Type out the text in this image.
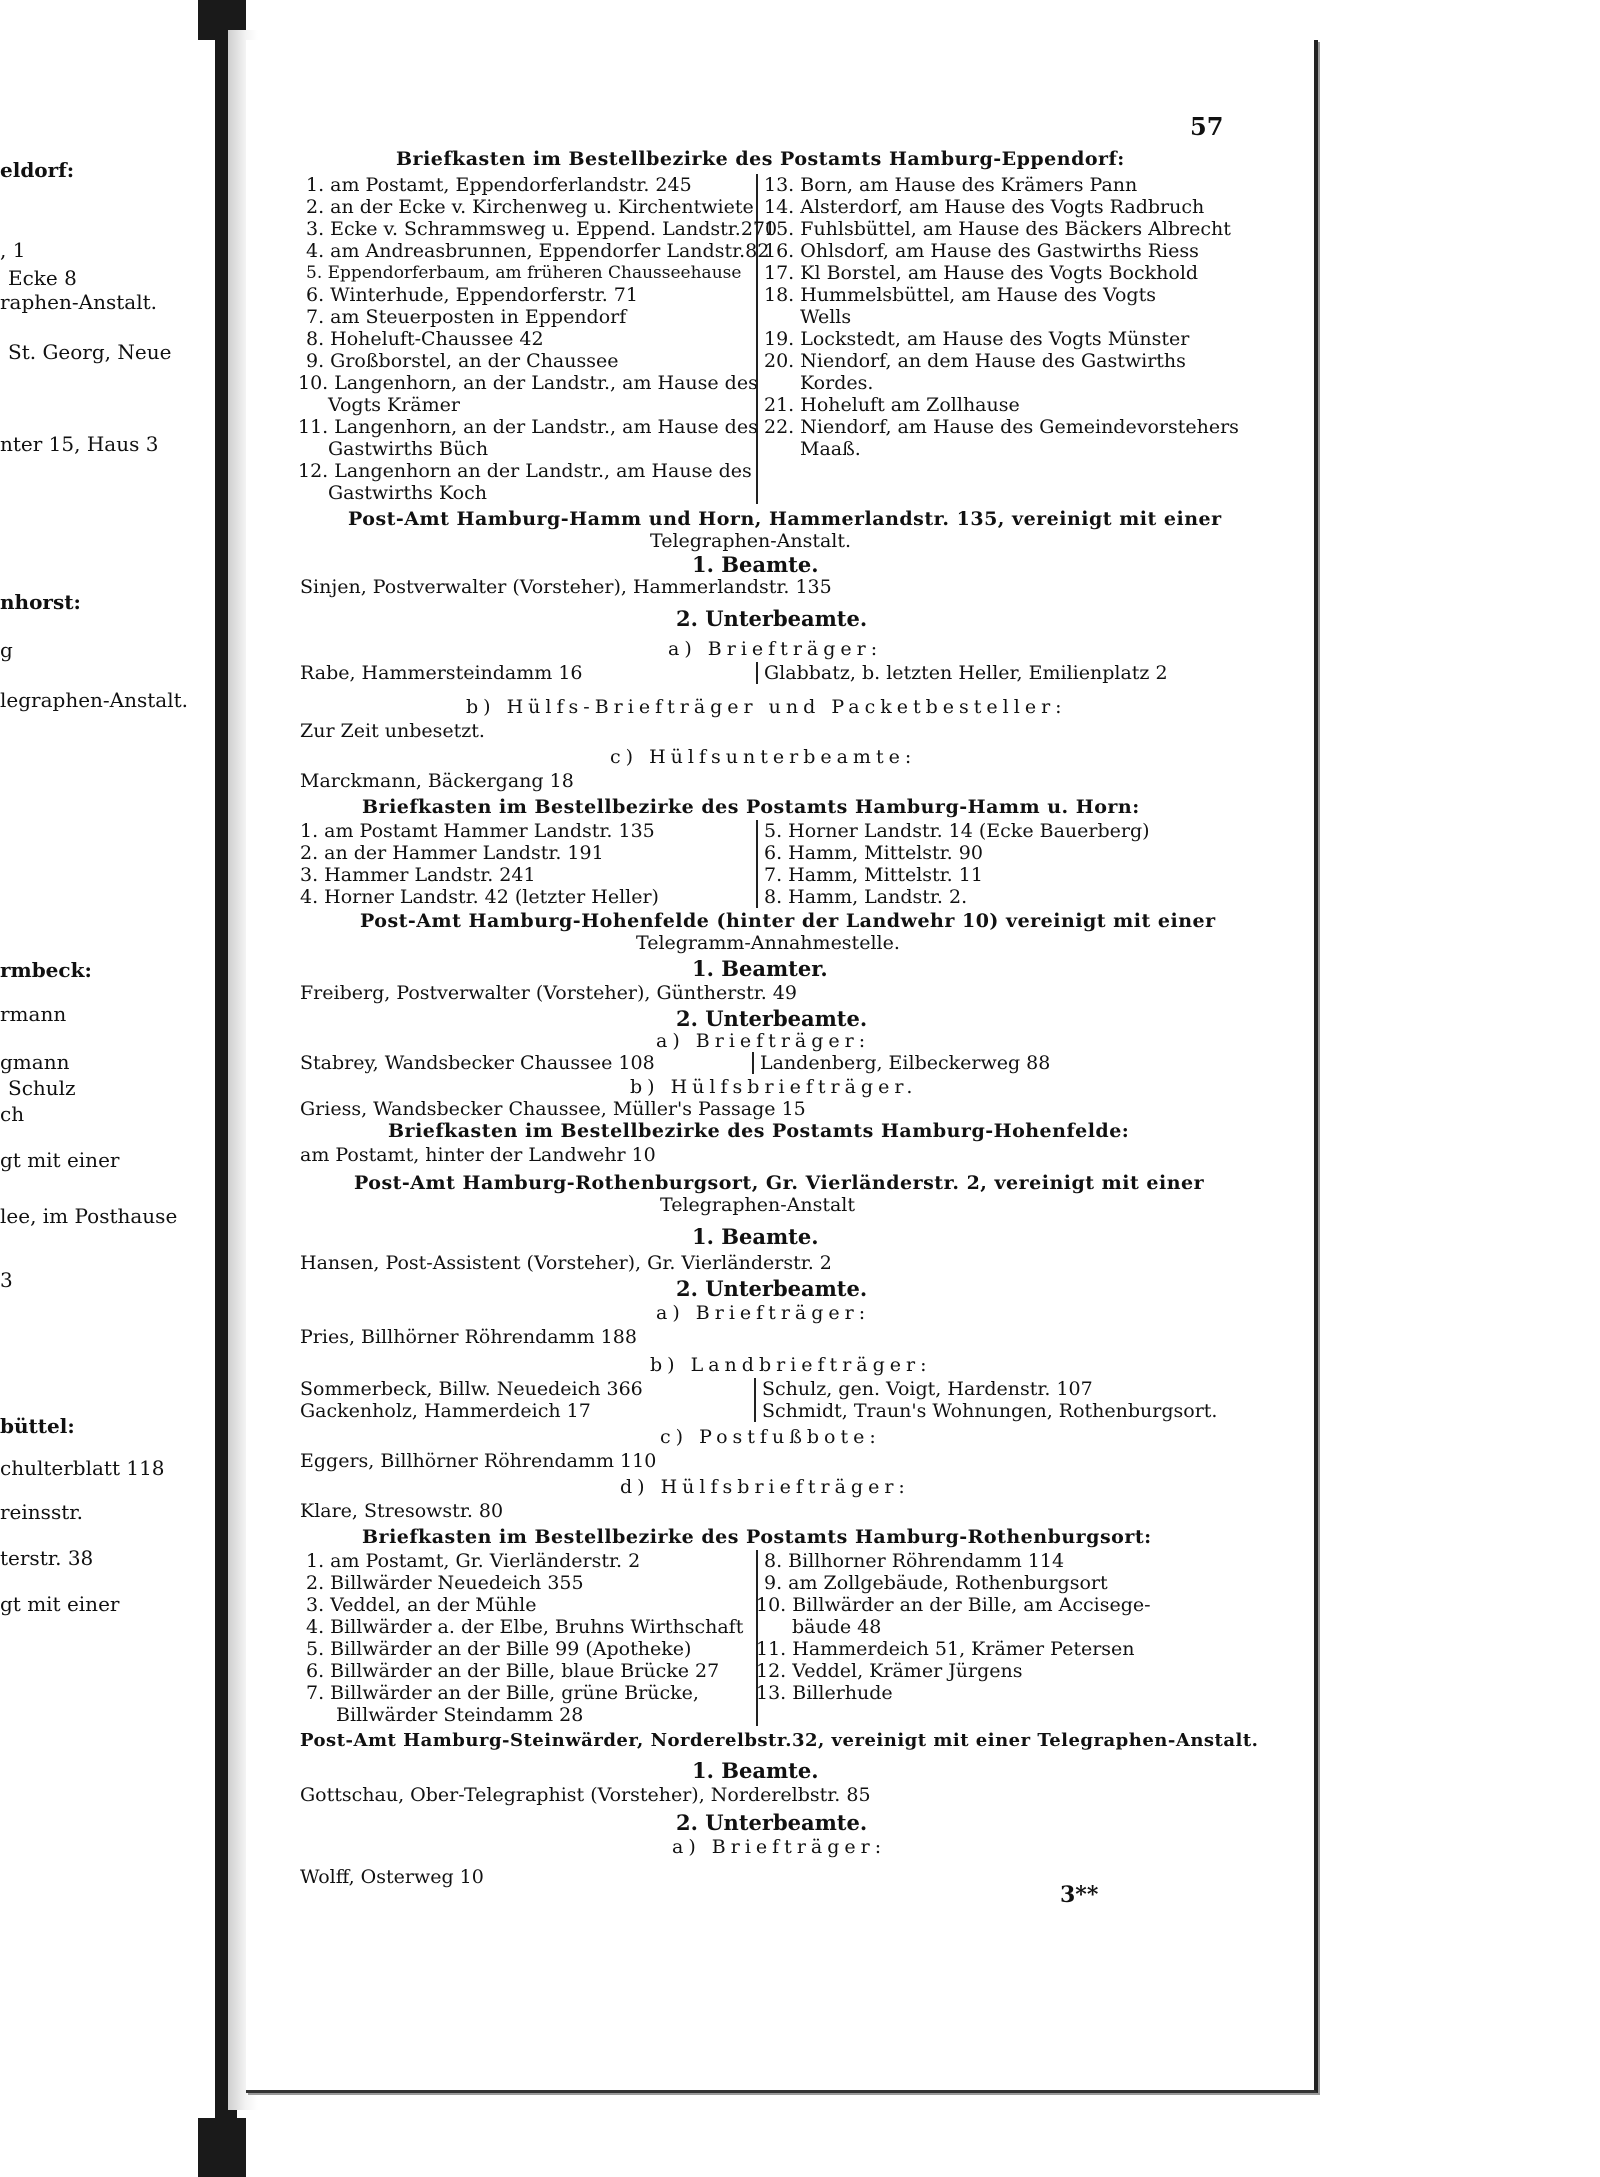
eldorf:
, 1
Ecke 8
raphen-Anstalt.
St. Georg, Neue
nter 15, Haus 3
nhorst:
g
legraphen-Anstalt.
rmbeck:
rmann
gmann
Schulz
ch
gt mit einer
lee, im Posthause
3
büttel:
chulterblatt 118
reinsstr.
terstr. 38
gt mit einer
57
Briefkasten im Bestellbezirke des Postamts Hamburg-Eppendorf:
1. am Postamt, Eppendorferlandstr. 245
2. an der Ecke v. Kirchenweg u. Kirchentwiete
3. Ecke v. Schrammsweg u. Eppend. Landstr.270
4. am Andreasbrunnen, Eppendorfer Landstr.82
5. Eppendorferbaum, am früheren Chausseehause
6. Winterhude, Eppendorferstr. 71
7. am Steuerposten in Eppendorf
8. Hoheluft-Chaussee 42
9. Großborstel, an der Chaussee
10. Langenhorn, an der Landstr., am Hause des
Vogts Krämer
11. Langenhorn, an der Landstr., am Hause des
Gastwirths Büch
12. Langenhorn an der Landstr., am Hause des
Gastwirths Koch
13. Born, am Hause des Krämers Pann
14. Alsterdorf, am Hause des Vogts Radbruch
15. Fuhlsbüttel, am Hause des Bäckers Albrecht
16. Ohlsdorf, am Hause des Gastwirths Riess
17. Kl Borstel, am Hause des Vogts Bockhold
18. Hummelsbüttel, am Hause des Vogts
Wells
19. Lockstedt, am Hause des Vogts Münster
20. Niendorf, an dem Hause des Gastwirths
Kordes.
21. Hoheluft am Zollhause
22. Niendorf, am Hause des Gemeindevorstehers
Maaß.
Post-Amt Hamburg-Hamm und Horn, Hammerlandstr. 135, vereinigt mit einer
Telegraphen-Anstalt.
1. Beamte.
Sinjen, Postverwalter (Vorsteher), Hammerlandstr. 135
2. Unterbeamte.
a) Briefträger:
Rabe, Hammersteindamm 16	Glabbatz, b. letzten Heller, Emilienplatz 2
b) Hülfs-Briefträger und Packetbesteller:
Zur Zeit unbesetzt.
c) Hülfsunterbeamte:
Marckmann, Bäckergang 18
Briefkasten im Bestellbezirke des Postamts Hamburg-Hamm u. Horn:
1. am Postamt Hammer Landstr. 135
2. an der Hammer Landstr. 191
3. Hammer Landstr. 241
4. Horner Landstr. 42 (letzter Heller)
5. Horner Landstr. 14 (Ecke Bauerberg)
6. Hamm, Mittelstr. 90
7. Hamm, Mittelstr. 11
8. Hamm, Landstr. 2.
Post-Amt Hamburg-Hohenfelde (hinter der Landwehr 10) vereinigt mit einer
Telegramm-Annahmestelle.
1. Beamter.
Freiberg, Postverwalter (Vorsteher), Güntherstr. 49
2. Unterbeamte.
a) Briefträger:
Stabrey, Wandsbecker Chaussee 108	Landenberg, Eilbeckerweg 88
b) Hülfsbriefträger.
Griess, Wandsbecker Chaussee, Müller's Passage 15
Briefkasten im Bestellbezirke des Postamts Hamburg-Hohenfelde:
am Postamt, hinter der Landwehr 10
Post-Amt Hamburg-Rothenburgsort, Gr. Vierländerstr. 2, vereinigt mit einer
Telegraphen-Anstalt
1. Beamte.
Hansen, Post-Assistent (Vorsteher), Gr. Vierländerstr. 2
2. Unterbeamte.
a) Briefträger:
Pries, Billhörner Röhrendamm 188
b) Landbriefträger:
Sommerbeck, Billw. Neuedeich 366
Gackenholz, Hammerdeich 17
Schulz, gen. Voigt, Hardenstr. 107
Schmidt, Traun's Wohnungen, Rothenburgsort.
c) Postfußbote:
Eggers, Billhörner Röhrendamm 110
d) Hülfsbriefträger:
Klare, Stresowstr. 80
Briefkasten im Bestellbezirke des Postamts Hamburg-Rothenburgsort:
1. am Postamt, Gr. Vierländerstr. 2
2. Billwärder Neuedeich 355
3. Veddel, an der Mühle
4. Billwärder a. der Elbe, Bruhns Wirthschaft
5. Billwärder an der Bille 99 (Apotheke)
6. Billwärder an der Bille, blaue Brücke 27
7. Billwärder an der Bille, grüne Brücke,
Billwärder Steindamm 28
8. Billhorner Röhrendamm 114
9. am Zollgebäude, Rothenburgsort
10. Billwärder an der Bille, am Accisege-
bäude 48
11. Hammerdeich 51, Krämer Petersen
12. Veddel, Krämer Jürgens
13. Billerhude
Post-Amt Hamburg-Steinwärder, Norderelbstr.32, vereinigt mit einer Telegraphen-Anstalt.
1. Beamte.
Gottschau, Ober-Telegraphist (Vorsteher), Norderelbstr. 85
2. Unterbeamte.
a) Briefträger:
Wolff, Osterweg 10
3**
